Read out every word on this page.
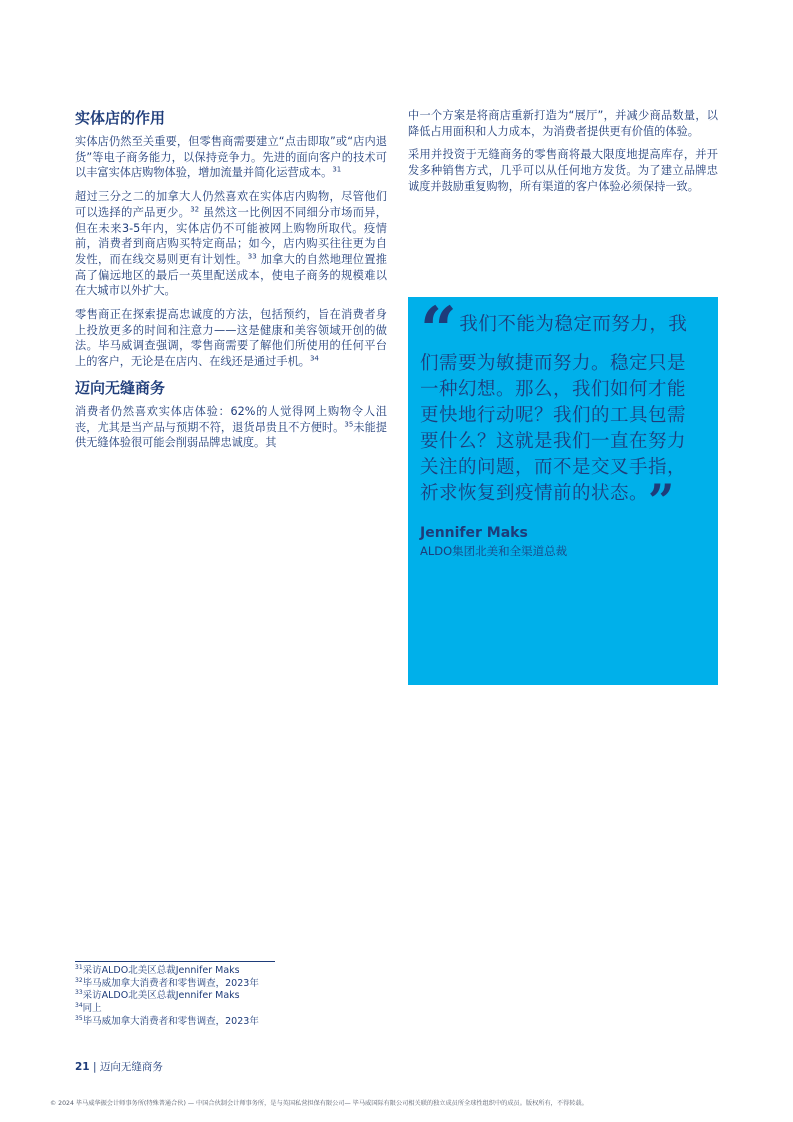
实体店的作用

实体店仍然至关重要，但零售商需要建立“点击即取”或“店内退货”等电子商务能力，以保持竞争力。先进的面向客户的技术可以丰富实体店购物体验，增加流量并简化运营成本。$^{31}$

超过三分之二的加拿大人仍然喜欢在实体店内购物，尽管他们可以选择的产品更少。$^{32}$ 虽然这一比例因不同细分市场而异，但在未来3-5年内，实体店仍不可能被网上购物所取代。疫情前，消费者到商店购买特定商品；如今，店内购买往往更为自发性，而在线交易则更有计划性。$^{33}$ 加拿大的自然地理位置推高了偏远地区的最后一英里配送成本，使电子商务的规模难以在大城市以外扩大。

零售商正在探索提高忠诚度的方法，包括预约，旨在消费者身上投放更多的时间和注意力——这是健康和美容领域开创的做法。毕马威调查强调，零售商需要了解他们所使用的任何平台上的客户，无论是在店内、在线还是通过手机。$^{34}$

迈向无缝商务

消费者仍然喜欢实体店体验：62%的人觉得网上购物令人沮丧，尤其是当产品与预期不符，退货昂贵且不方便时。$^{35}$未能提供无缝体验很可能会削弱品牌忠诚度。其

中一个方案是将商店重新打造为“展厅”，并减少商品数量，以降低占用面积和人力成本，为消费者提供更有价值的体验。

采用并投资于无缝商务的零售商将最大限度地提高库存，并开发多种销售方式，几乎可以从任何地方发货。为了建立品牌忠诚度并鼓励重复购物，所有渠道的客户体验必须保持一致。

“ 我们不能为稳定而努力，我们需要为敏捷而努力。稳定只是一种幻想。那么，我们如何才能更快地行动呢？我们的工具包需要什么？这就是我们一直在努力关注的问题，而不是交叉手指，祈求恢复到疫情前的状态。”
Jennifer Maks
ALDO集团北美和全渠道总裁
$^{31}$采访ALDO北美区总裁Jennifer Maks
$^{32}$毕马威加拿大消费者和零售调查，2023年
$^{33}$采访ALDO北美区总裁Jennifer Maks
$^{34}$同上
$^{35}$毕马威加拿大消费者和零售调查，2023年
21 | 迈向无缝商务
© 2024 毕马威华振会计师事务所(特殊普通合伙) — 中国合伙制会计师事务所，是与英国私营担保有限公司— 毕马威国际有限公司相关联的独立成员所全球性组织中的成员。版权所有，不得转载。
